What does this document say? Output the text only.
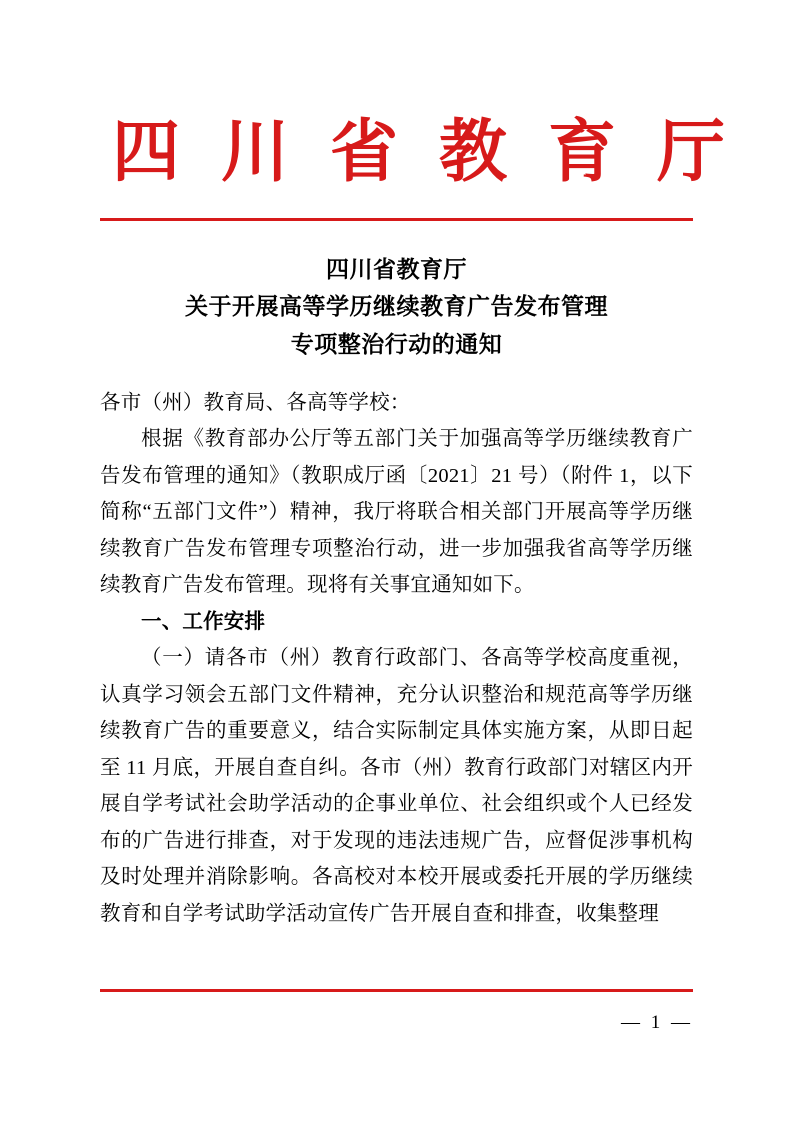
四 川 省 教 育 厅
四川省教育厅
关于开展高等学历继续教育广告发布管理
专项整治行动的通知

各市（州）教育局、各高等学校：

根据《教育部办公厅等五部门关于加强高等学历继续教育广告发布管理的通知》（教职成厅函〔2021〕21 号）（附件 1，以下简称“五部门文件”）精神，我厅将联合相关部门开展高等学历继续教育广告发布管理专项整治行动，进一步加强我省高等学历继续教育广告发布管理。现将有关事宜通知如下。

一、工作安排

（一）请各市（州）教育行政部门、各高等学校高度重视，认真学习领会五部门文件精神，充分认识整治和规范高等学历继续教育广告的重要意义，结合实际制定具体实施方案，从即日起至 11 月底，开展自查自纠。各市（州）教育行政部门对辖区内开展自学考试社会助学活动的企事业单位、社会组织或个人已经发布的广告进行排查，对于发现的违法违规广告，应督促涉事机构及时处理并消除影响。各高校对本校开展或委托开展的学历继续教育和自学考试助学活动宣传广告开展自查和排查，收集整理

— 1 —
